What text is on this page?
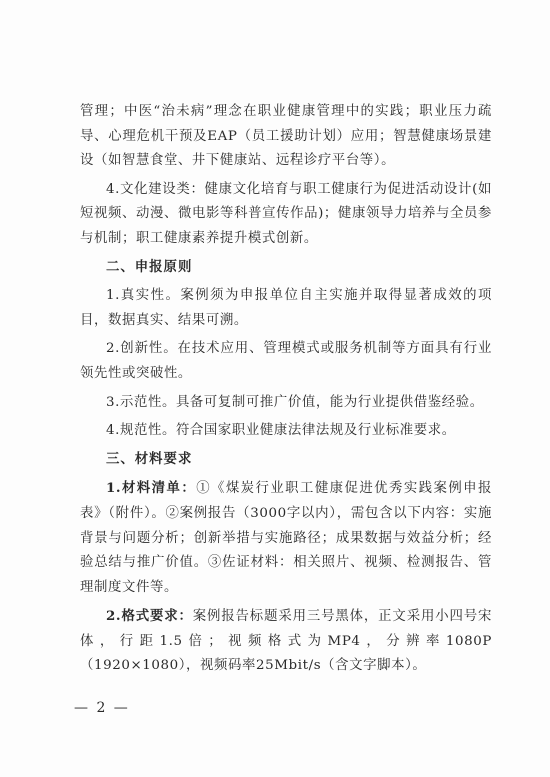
管理；中医“治未病”理念在职业健康管理中的实践；职业压力疏导、心理危机干预及EAP（员工援助计划）应用；智慧健康场景建设（如智慧食堂、井下健康站、远程诊疗平台等）。

4.文化建设类：健康文化培育与职工健康行为促进活动设计(如短视频、动漫、微电影等科普宣传作品)；健康领导力培养与全员参与机制；职工健康素养提升模式创新。

二、申报原则

1.真实性。案例须为申报单位自主实施并取得显著成效的项目，数据真实、结果可溯。

2.创新性。在技术应用、管理模式或服务机制等方面具有行业领先性或突破性。

3.示范性。具备可复制可推广价值，能为行业提供借鉴经验。

4.规范性。符合国家职业健康法律法规及行业标准要求。

三、材料要求

1.材料清单：①《煤炭行业职工健康促进优秀实践案例申报表》（附件）。②案例报告（3000字以内），需包含以下内容：实施背景与问题分析；创新举措与实施路径；成果数据与效益分析；经验总结与推广价值。③佐证材料：相关照片、视频、检测报告、管理制度文件等。

2.格式要求：案例报告标题采用三号黑体，正文采用小四号宋体，行距1.5倍；视频格式为MP4，分辨率1080P（1920×1080），视频码率25Mbit/s（含文字脚本）。

— 2 —
